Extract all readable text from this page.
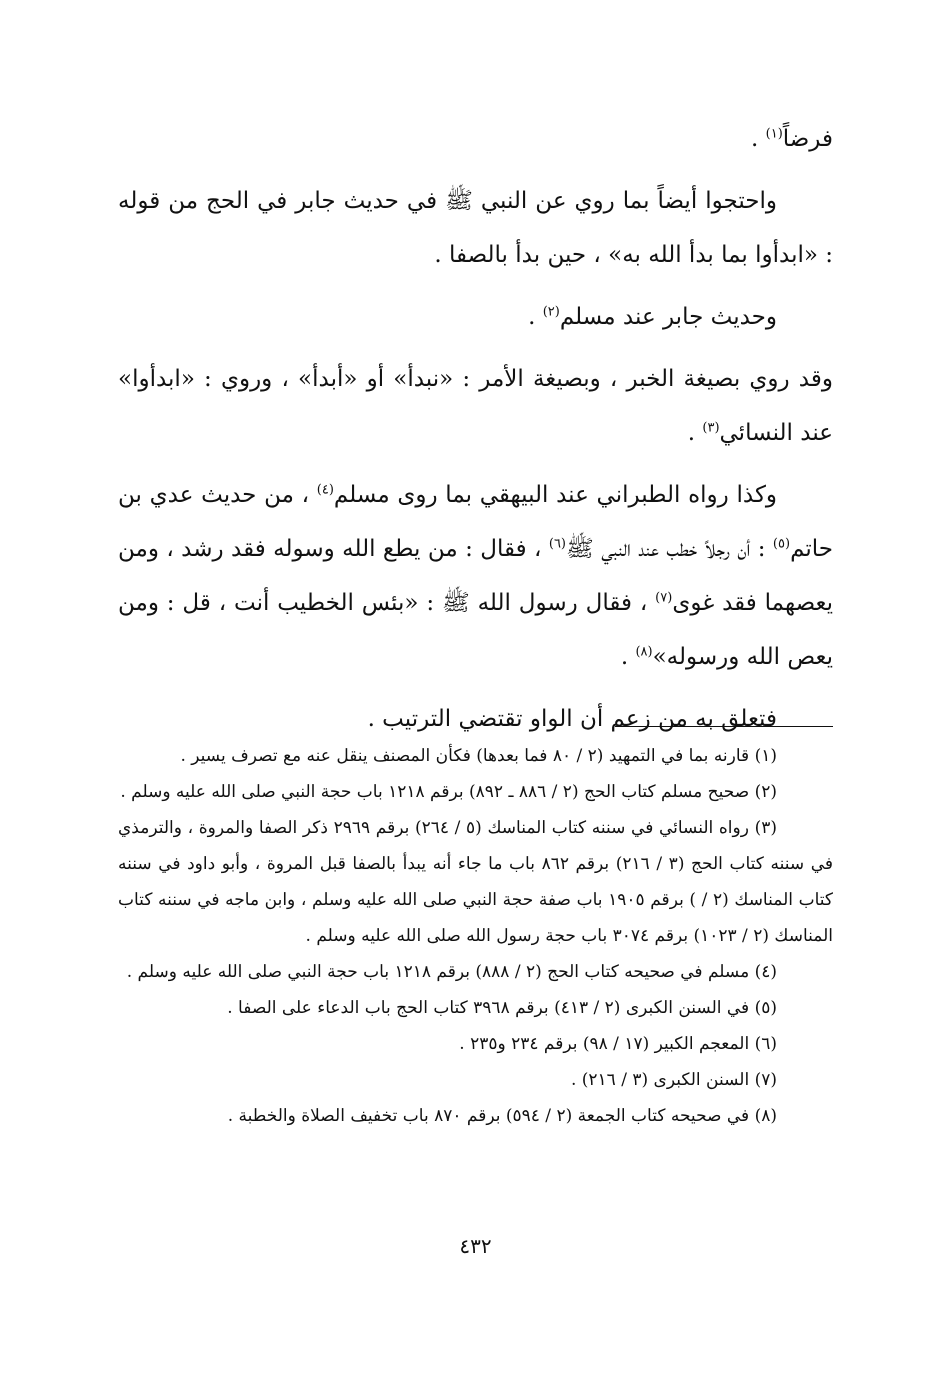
فرضاً$^{(١)}$ .

واحتجوا أيضاً بما روي عن النبي ﷺ في حديث جابر في الحج من قوله : «ابدأوا بما بدأ الله به» ، حين بدأ بالصفا .

وحديث جابر عند مسلم$^{(٢)}$ .

وقد روي بصيغة الخبر ، وبصيغة الأمر : «نبدأ» أو «أبدأ» ، وروي : «ابدأوا» عند النسائي$^{(٣)}$ .

وكذا رواه الطبراني عند البيهقي بما روى مسلم$^{(٤)}$ ، من حديث عدي بن حاتم$^{(٥)}$ : أن رجلاً خطب عند النبي ﷺ$^{(٦)}$ ، فقال : من يطع الله وسوله فقد رشد ، ومن يعصهما فقد غوى$^{(٧)}$ ، فقال رسول الله ﷺ : «بئس الخطيب أنت ، قل : ومن يعص الله ورسوله»$^{(٨)}$ .

فتعلق به من زعم أن الواو تقتضي الترتيب .

(١) قارنه بما في التمهيد (٢ / ٨٠ فما بعدها) فكأن المصنف ينقل عنه مع تصرف يسير .

(٢) صحيح مسلم كتاب الحج (٢ / ٨٨٦ ـ ٨٩٢) برقم ١٢١٨ باب حجة النبي صلى الله عليه وسلم .

(٣) رواه النسائي في سننه كتاب المناسك (٥ / ٢٦٤) برقم ٢٩٦٩ ذكر الصفا والمروة ، والترمذي في سننه كتاب الحج (٣ / ٢١٦) برقم ٨٦٢ باب ما جاء أنه يبدأ بالصفا قبل المروة ، وأبو داود في سننه كتاب المناسك (٢ / ) برقم ١٩٠٥ باب صفة حجة النبي صلى الله عليه وسلم ، وابن ماجه في سننه كتاب المناسك (٢ / ١٠٢٣) برقم ٣٠٧٤ باب حجة رسول الله صلى الله عليه وسلم .

(٤) مسلم في صحيحه كتاب الحج (٢ / ٨٨٨) برقم ١٢١٨ باب حجة النبي صلى الله عليه وسلم .

(٥) في السنن الكبرى (٢ / ٤١٣) برقم ٣٩٦٨ كتاب الحج باب الدعاء على الصفا .

(٦) المعجم الكبير (١٧ / ٩٨) برقم ٢٣٤ و٢٣٥ .

(٧) السنن الكبرى (٣ / ٢١٦) .

(٨) في صحيحه كتاب الجمعة (٢ / ٥٩٤) برقم ٨٧٠ باب تخفيف الصلاة والخطبة .

٤٣٢
